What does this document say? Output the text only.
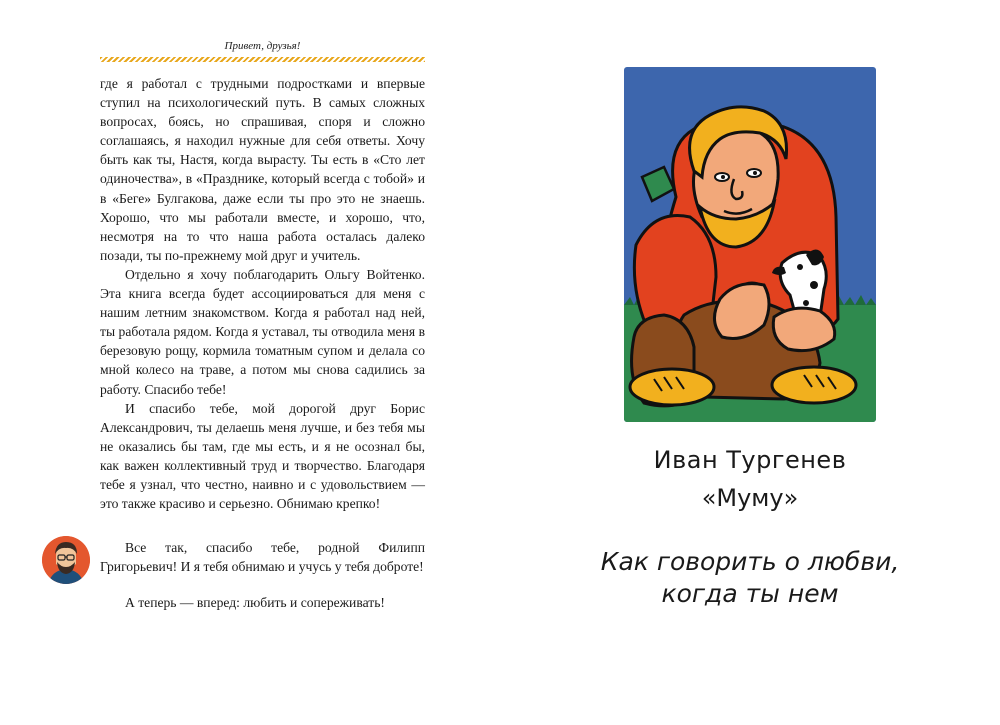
Привет, друзья!

где я работал с трудными подростками и впервые ступил на психологический путь. В самых сложных вопросах, боясь, но спрашивая, споря и сложно соглашаясь, я находил нужные для себя ответы. Хочу быть как ты, Настя, когда вырасту. Ты есть в «Сто лет одиночества», в «Празднике, который всегда с тобой» и в «Беге» Булгакова, даже если ты про это не знаешь. Хорошо, что мы работали вместе, и хорошо, что, несмотря на то что наша работа осталась далеко позади, ты по-прежнему мой друг и учитель.

Отдельно я хочу поблагодарить Ольгу Войтенко. Эта книга всегда будет ассоциироваться для меня с нашим летним знакомством. Когда я работал над ней, ты работала рядом. Когда я уставал, ты отводила меня в березовую рощу, кормила томатным супом и делала со мной колесо на траве, а потом мы снова садились за работу. Спасибо тебе!

И спасибо тебе, мой дорогой друг Борис Александрович, ты делаешь меня лучше, и без тебя мы не оказались бы там, где мы есть, и я не осознал бы, как важен коллективный труд и творчество. Благодаря тебе я узнал, что честно, наивно и с удовольствием — это также красиво и серьезно. Обнимаю крепко!

Все так, спасибо тебе, родной Филипп Григорьевич! И я тебя обнимаю и учусь у тебя доброте!

А теперь — вперед: любить и сопереживать!

Иван Тургенев
«Муму»
Как говорить о любви,
когда ты нем
